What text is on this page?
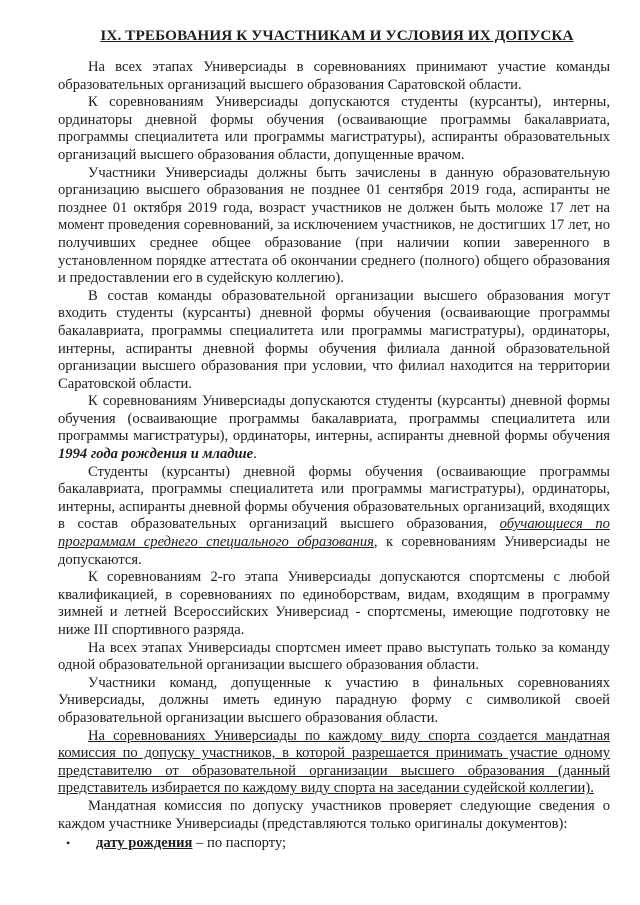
IX. ТРЕБОВАНИЯ К УЧАСТНИКАМ И УСЛОВИЯ ИХ ДОПУСКА

На всех этапах Универсиады в соревнованиях принимают участие команды образовательных организаций высшего образования Саратовской области.

К соревнованиям Универсиады допускаются студенты (курсанты), интерны, ординаторы дневной формы обучения (осваивающие программы бакалавриата, программы специалитета или программы магистратуры), аспиранты образовательных организаций высшего образования области, допущенные врачом.

Участники Универсиады должны быть зачислены в данную образовательную организацию высшего образования не позднее 01 сентября 2019 года, аспиранты не позднее 01 октября 2019 года, возраст участников не должен быть моложе 17 лет на момент проведения соревнований, за исключением участников, не достигших 17 лет, но получивших среднее общее образование (при наличии копии заверенного в установленном порядке аттестата об окончании среднего (полного) общего образования и предоставлении его в судейскую коллегию).

В состав команды образовательной организации высшего образования могут входить студенты (курсанты) дневной формы обучения (осваивающие программы бакалавриата, программы специалитета или программы магистратуры), ординаторы, интерны, аспиранты дневной формы обучения филиала данной образовательной организации высшего образования при условии, что филиал находится на территории Саратовской области.

К соревнованиям Универсиады допускаются студенты (курсанты) дневной формы обучения (осваивающие программы бакалавриата, программы специалитета или программы магистратуры), ординаторы, интерны, аспиранты дневной формы обучения 1994 года рождения и младше.

Студенты (курсанты) дневной формы обучения (осваивающие программы бакалавриата, программы специалитета или программы магистратуры), ординаторы, интерны, аспиранты дневной формы обучения образовательных организаций, входящих в состав образовательных организаций высшего образования, обучающиеся по программам среднего специального образования, к соревнованиям Универсиады не допускаются.

К соревнованиям 2-го этапа Универсиады допускаются спортсмены с любой квалификацией, в соревнованиях по единоборствам, видам, входящим в программу зимней и летней Всероссийских Универсиад - спортсмены, имеющие подготовку не ниже III спортивного разряда.

На всех этапах Универсиады спортсмен имеет право выступать только за команду одной образовательной организации высшего образования области.

Участники команд, допущенные к участию в финальных соревнованиях Универсиады, должны иметь единую парадную форму с символикой своей образовательной организации высшего образования области.

На соревнованиях Универсиады по каждому виду спорта создается мандатная комиссия по допуску участников, в которой разрешается принимать участие одному представителю от образовательной организации высшего образования (данный представитель избирается по каждому виду спорта на заседании судейской коллегии).

Мандатная комиссия по допуску участников проверяет следующие сведения о каждом участнике Универсиады (представляются только оригиналы документов):

• дату рождения – по паспорту;
